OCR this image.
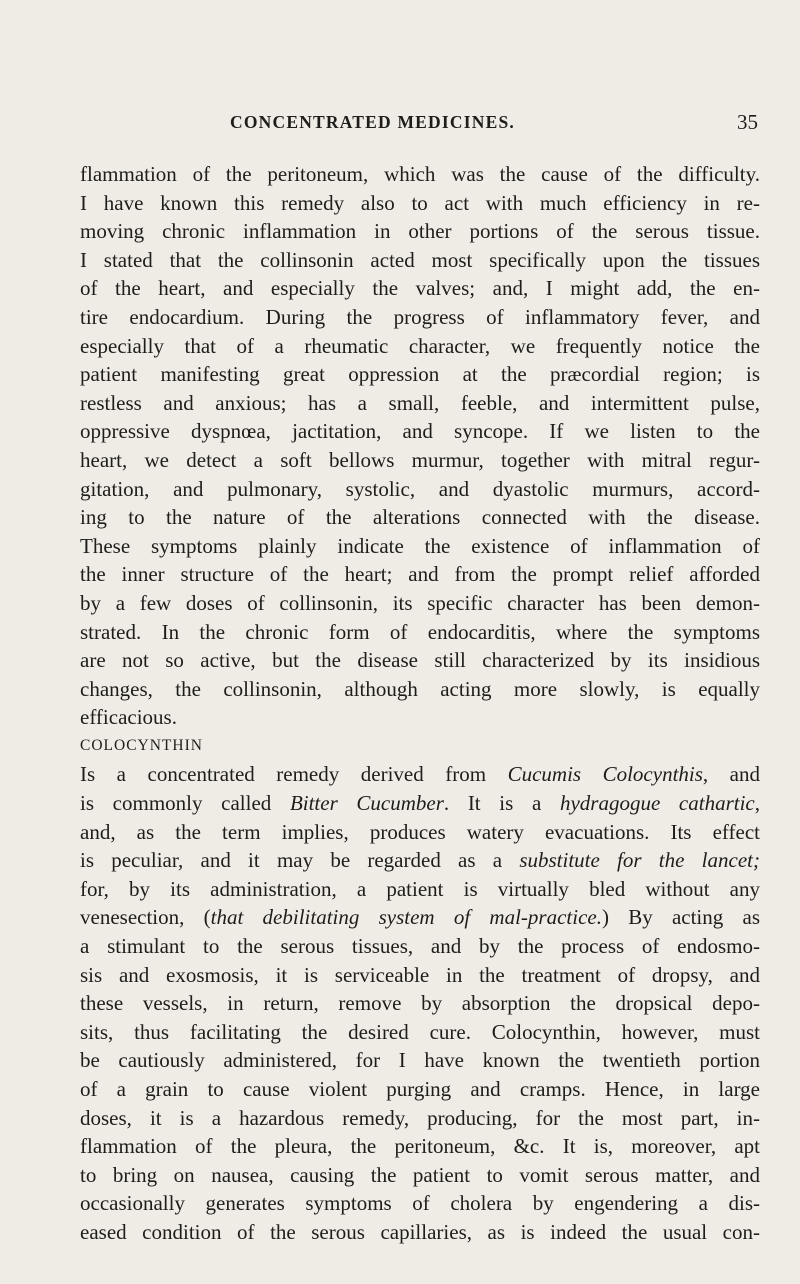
CONCENTRATED MEDICINES.	35
flammation of the peritoneum, which was the cause of the difficulty.
I have known this remedy also to act with much efficiency in re-
moving chronic inflammation in other portions of the serous tissue.
I stated that the collinsonin acted most specifically upon the tissues
of the heart, and especially the valves; and, I might add, the en-
tire endocardium. During the progress of inflammatory fever, and
especially that of a rheumatic character, we frequently notice the
patient manifesting great oppression at the præcordial region; is
restless and anxious; has a small, feeble, and intermittent pulse,
oppressive dyspnœa, jactitation, and syncope. If we listen to the
heart, we detect a soft bellows murmur, together with mitral regur-
gitation, and pulmonary, systolic, and dyastolic murmurs, accord-
ing to the nature of the alterations connected with the disease.
These symptoms plainly indicate the existence of inflammation of
the inner structure of the heart; and from the prompt relief afforded
by a few doses of collinsonin, its specific character has been demon-
strated. In the chronic form of endocarditis, where the symptoms
are not so active, but the disease still characterized by its insidious
changes, the collinsonin, although acting more slowly, is equally
efficacious.
COLOCYNTHIN
Is a concentrated remedy derived from Cucumis Colocynthis, and
is commonly called Bitter Cucumber. It is a hydragogue cathartic,
and, as the term implies, produces watery evacuations. Its effect
is peculiar, and it may be regarded as a substitute for the lancet;
for, by its administration, a patient is virtually bled without any
venesection, (that debilitating system of mal-practice.) By acting as
a stimulant to the serous tissues, and by the process of endosmo-
sis and exosmosis, it is serviceable in the treatment of dropsy, and
these vessels, in return, remove by absorption the dropsical depo-
sits, thus facilitating the desired cure. Colocynthin, however, must
be cautiously administered, for I have known the twentieth portion
of a grain to cause violent purging and cramps. Hence, in large
doses, it is a hazardous remedy, producing, for the most part, in-
flammation of the pleura, the peritoneum, &c. It is, moreover, apt
to bring on nausea, causing the patient to vomit serous matter, and
occasionally generates symptoms of cholera by engendering a dis-
eased condition of the serous capillaries, as is indeed the usual con-
